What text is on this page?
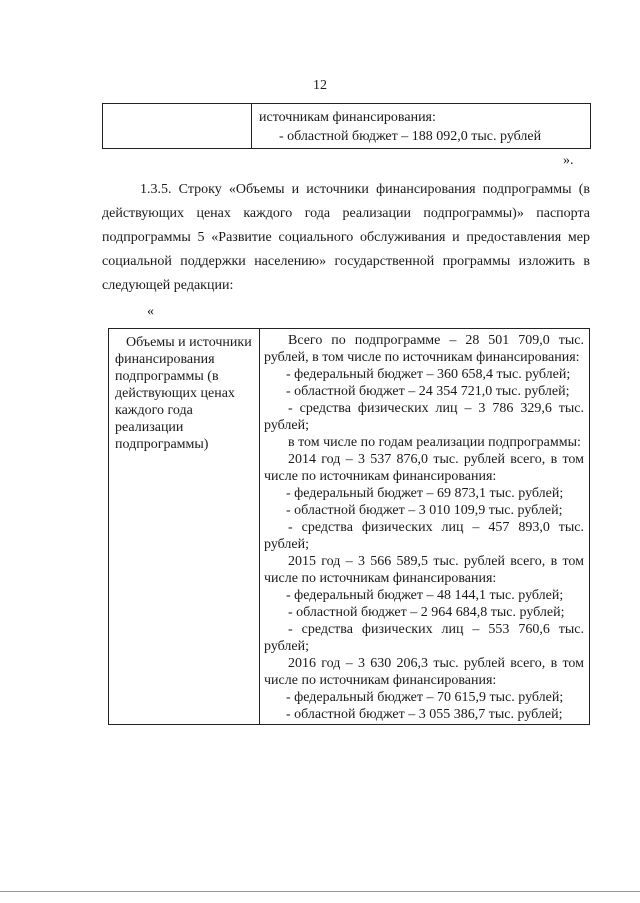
12

источникам финансирования:
- областной бюджет – 188 092,0 тыс. рублей
».

1.3.5. Строку «Объемы и источники финансирования подпрограммы (в действующих ценах каждого года реализации подпрограммы)» паспорта подпрограммы 5 «Развитие социального обслуживания и предоставления мер социальной поддержки населению» государственной программы изложить в следующей редакции:

«
Объемы и источники финансирования подпрограммы (в действующих ценах каждого года реализации подпрограммы)

Всего по подпрограмме – 28 501 709,0 тыс. рублей, в том числе по источникам финансирования:
- федеральный бюджет – 360 658,4 тыс. рублей;
- областной бюджет – 24 354 721,0 тыс. рублей;
- средства физических лиц – 3 786 329,6 тыс. рублей;
в том числе по годам реализации подпрограммы:
2014 год – 3 537 876,0 тыс. рублей всего, в том числе по источникам финансирования:
- федеральный бюджет – 69 873,1 тыс. рублей;
- областной бюджет – 3 010 109,9 тыс. рублей;
- средства физических лиц – 457 893,0 тыс. рублей;
2015 год – 3 566 589,5 тыс. рублей всего, в том числе по источникам финансирования:
- федеральный бюджет – 48 144,1 тыс. рублей;
- областной бюджет – 2 964 684,8 тыс. рублей;
- средства физических лиц – 553 760,6 тыс. рублей;
2016 год – 3 630 206,3 тыс. рублей всего, в том числе по источникам финансирования:
- федеральный бюджет – 70 615,9 тыс. рублей;
- областной бюджет – 3 055 386,7 тыс. рублей;
